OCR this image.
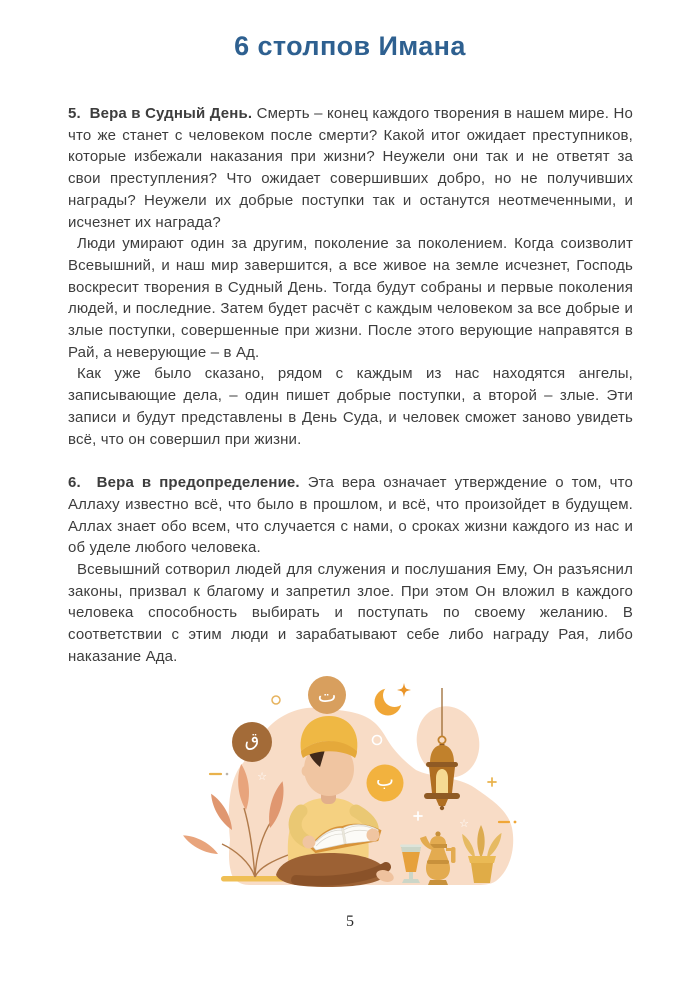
6 столпов Имана

5.  Вера в Судный День. Смерть – конец каждого творения в нашем мире. Но что же станет с человеком после смерти? Какой итог ожидает преступников, которые избежали наказания при жизни? Неужели они так и не ответят за свои преступления? Что ожидает совершивших добро, но не получивших награды? Неужели их добрые поступки так и останутся неотмеченными, и исчезнет их награда?

Люди умирают один за другим, поколение за поколением. Когда соизволит Всевышний, и наш мир завершится, а все живое на земле исчезнет, Господь воскресит творения в Судный День. Тогда будут собраны и первые поколения людей, и последние. Затем будет расчёт с каждым человеком за все добрые и злые поступки, совершенные при жизни. После этого верующие направятся в Рай, а неверующие – в Ад.

Как уже было сказано, рядом с каждым из нас находятся ангелы, записывающие дела, – один пишет добрые поступки, а второй – злые. Эти записи и будут представлены в День Суда, и человек сможет заново увидеть всё, что он совершил при жизни.

6.  Вера в предопределение. Эта вера означает утверждение о том, что Аллаху известно всё, что было в прошлом, и всё, что произойдет в будущем. Аллах знает обо всем, что случается с нами, о сроках жизни каждого из нас и об уделе любого человека.

Всевышний сотворил людей для служения и послушания Ему, Он разъяснил законы, призвал к благому и запретил злое. При этом Он вложил в каждого человека способность выбирать и поступать по своему желанию. В соответствии с этим люди и зарабатывают себе либо награду Рая, либо наказание Ада.

☆
☆
ت
ق
ب
5
